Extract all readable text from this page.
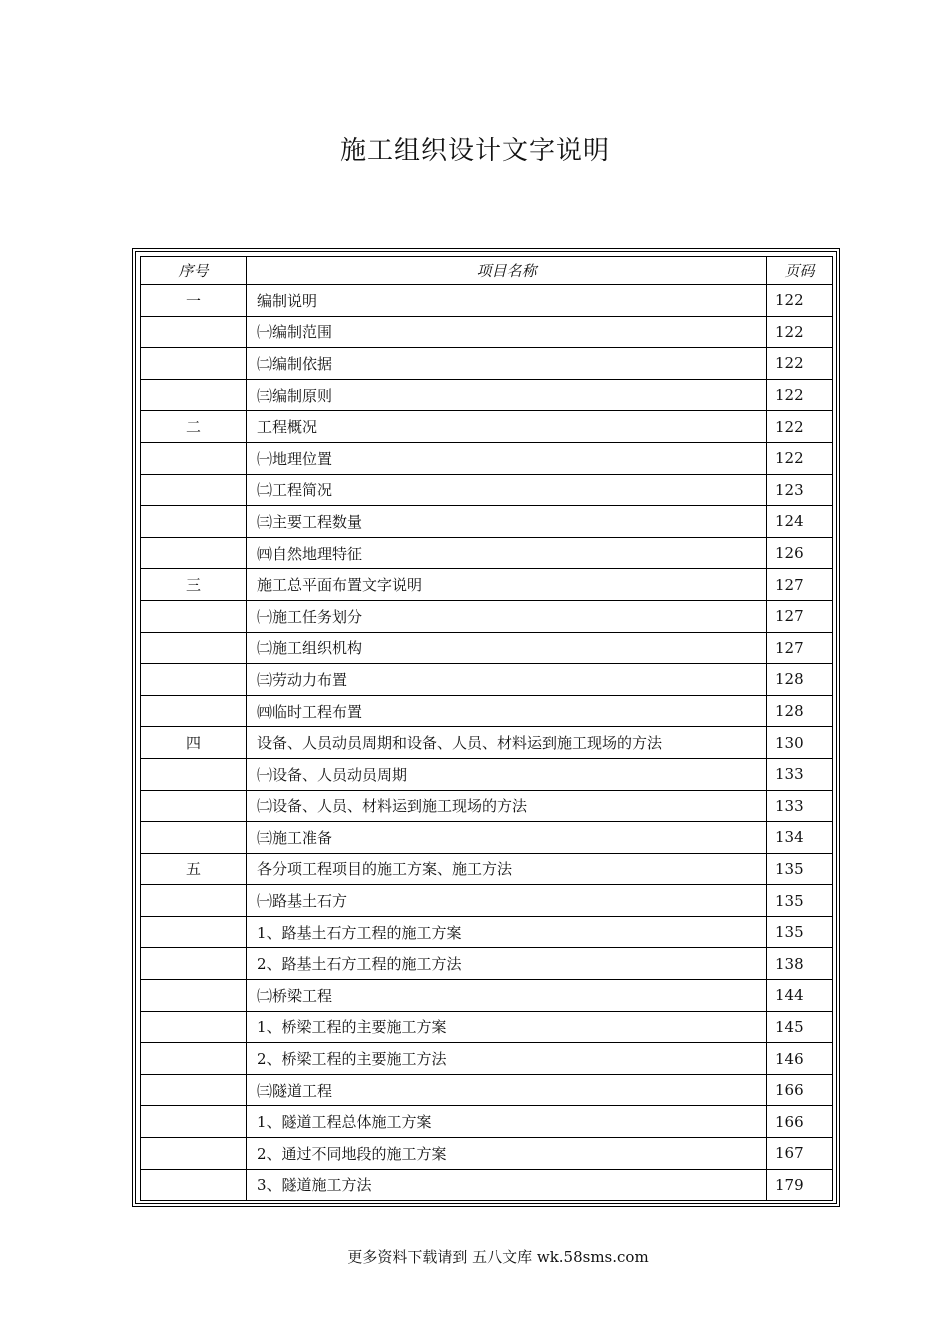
施工组织设计文字说明
序号	项目名称	页码
一	编制说明	122
	㈠编制范围	122
	㈡编制依据	122
	㈢编制原则	122
二	工程概况	122
	㈠地理位置	122
	㈡工程简况	123
	㈢主要工程数量	124
	㈣自然地理特征	126
三	施工总平面布置文字说明	127
	㈠施工任务划分	127
	㈡施工组织机构	127
	㈢劳动力布置	128
	㈣临时工程布置	128
四	设备、人员动员周期和设备、人员、材料运到施工现场的方法	130
	㈠设备、人员动员周期	133
	㈡设备、人员、材料运到施工现场的方法	133
	㈢施工准备	134
五	各分项工程项目的施工方案、施工方法	135
	㈠路基土石方	135
	1、路基土石方工程的施工方案	135
	2、路基土石方工程的施工方法	138
	㈡桥梁工程	144
	1、桥梁工程的主要施工方案	145
	2、桥梁工程的主要施工方法	146
	㈢隧道工程	166
	1、隧道工程总体施工方案	166
	2、通过不同地段的施工方案	167
	3、隧道施工方法	179
更多资料下载请到 五八文库 wk.58sms.com
